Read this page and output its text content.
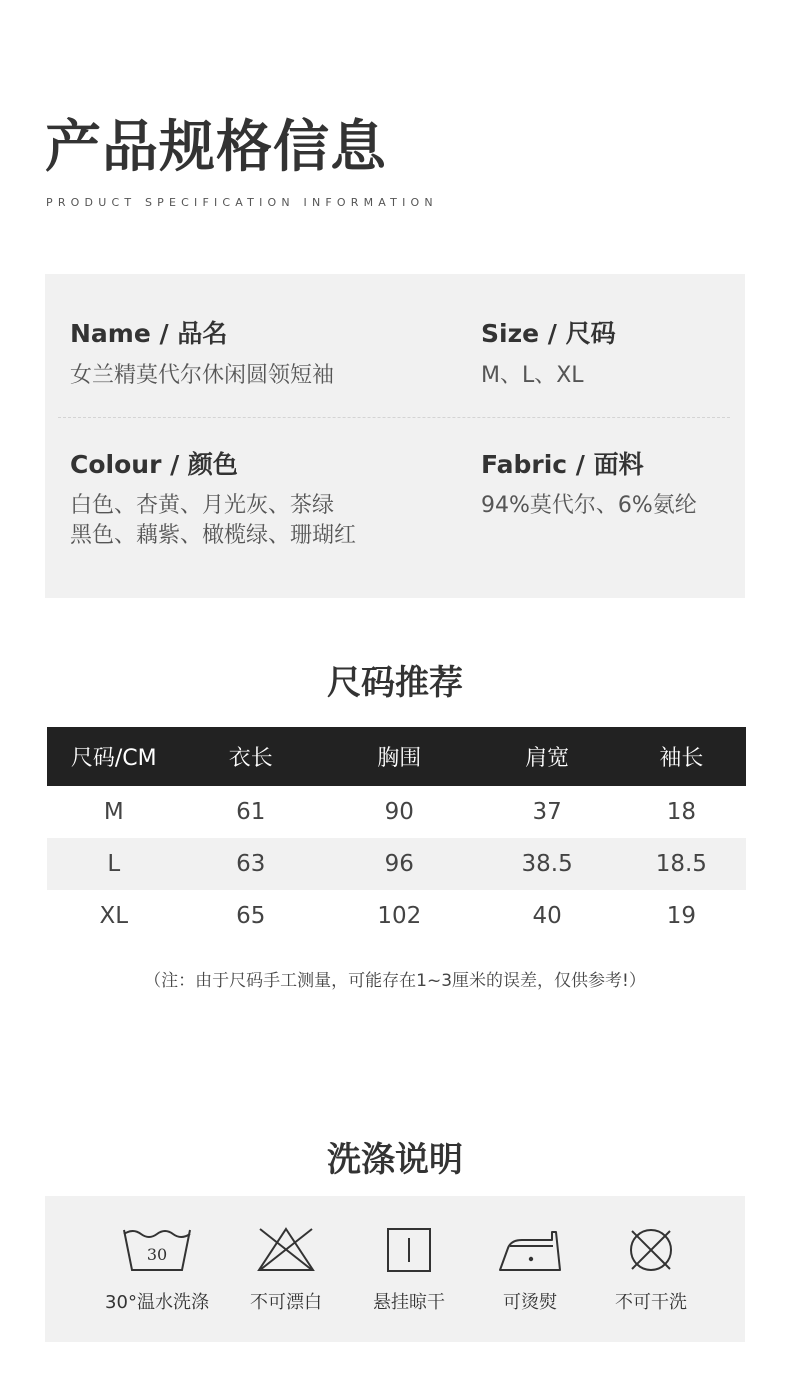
产品规格信息
PRODUCT SPECIFICATION INFORMATION
Name / 品名
女兰精莫代尔休闲圆领短袖
Size / 尺码
M、L、XL
Colour / 颜色
白色、杏黄、月光灰、茶绿
黑色、藕紫、橄榄绿、珊瑚红
Fabric / 面料
94%莫代尔、6%氨纶
尺码推荐
尺码/CM	衣长	胸围	肩宽	袖长
M	61	90	37	18
L	63	96	38.5	18.5
XL	65	102	40	19
（注：由于尺码手工测量，可能存在1~3厘米的误差，仅供参考!）
洗涤说明
30
30°温水洗涤	不可漂白	悬挂晾干	可烫熨	不可干洗
